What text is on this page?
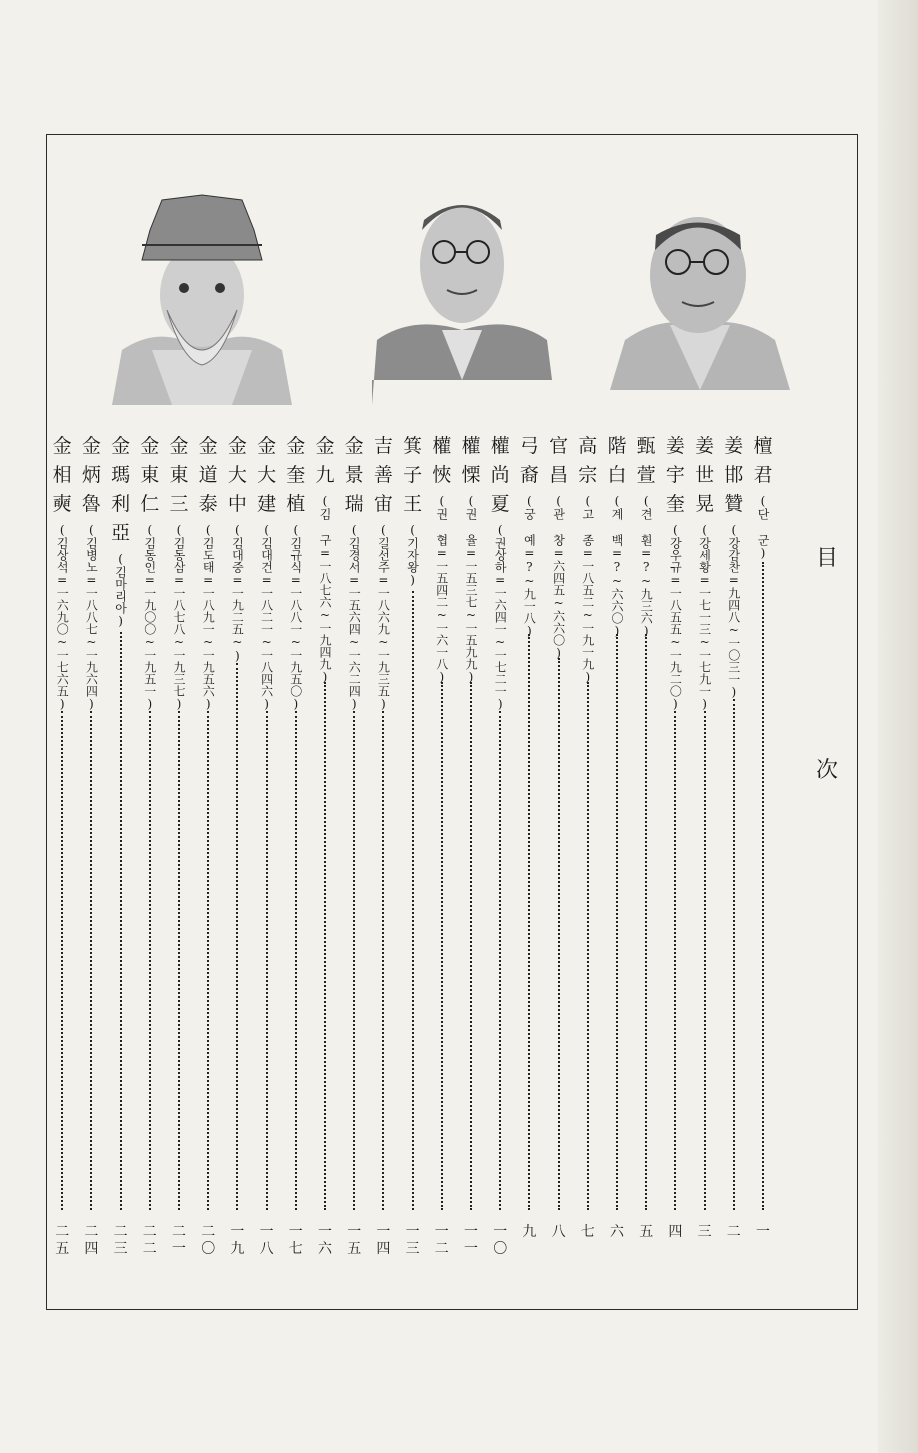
目
次
檀
君
(단 군)
一
姜
邯
贊
(강감찬=九四八~一〇三一)
二
姜
世
晃
(강세황=一七一三~一七九一)
三
姜
宇
奎
(강우규=一八五五~一九二〇)
四
甄
萱
(견 훤=?~九三六)
五
階
白
(계 백=?~六六〇)
六
高
宗
(고 종=一八五二~一九一九)
七
官
昌
(관 창=六四五~六六〇)
八
弓
裔
(궁 예=?~九一八)
九
權
尚
夏
(권상하=一六四一~一七二一)
一
〇
權
慄
(권 율=一五三七~一五九九)
一
一
權
悏
(권 협=一五四二~一六一八)
一
二
箕
子
王
(기자왕)
一
三
吉
善
宙
(길선주=一八六九~一九三五)
一
四
金
景
瑞
(김경서=一五六四~一六二四)
一
五
金
九
(김 구=一八七六~一九四九)
一
六
金
奎
植
(김규식=一八八一~一九五〇)
一
七
金
大
建
(김대건=一八二一~一八四六)
一
八
金
大
中
(김대중=一九二五~)
一
九
金
道
泰
(김도태=一八九一~一九五六)
二
〇
金
東
三
(김동삼=一八七八~一九三七)
二
一
金
東
仁
(김동인=一九〇〇~一九五一)
二
二
金
瑪
利
亞
(김마리아)
二
三
金
炳
魯
(김병노=一八八七~一九六四)
二
四
金
相
奭
(김상석=一六九〇~一七六五)
二
五
